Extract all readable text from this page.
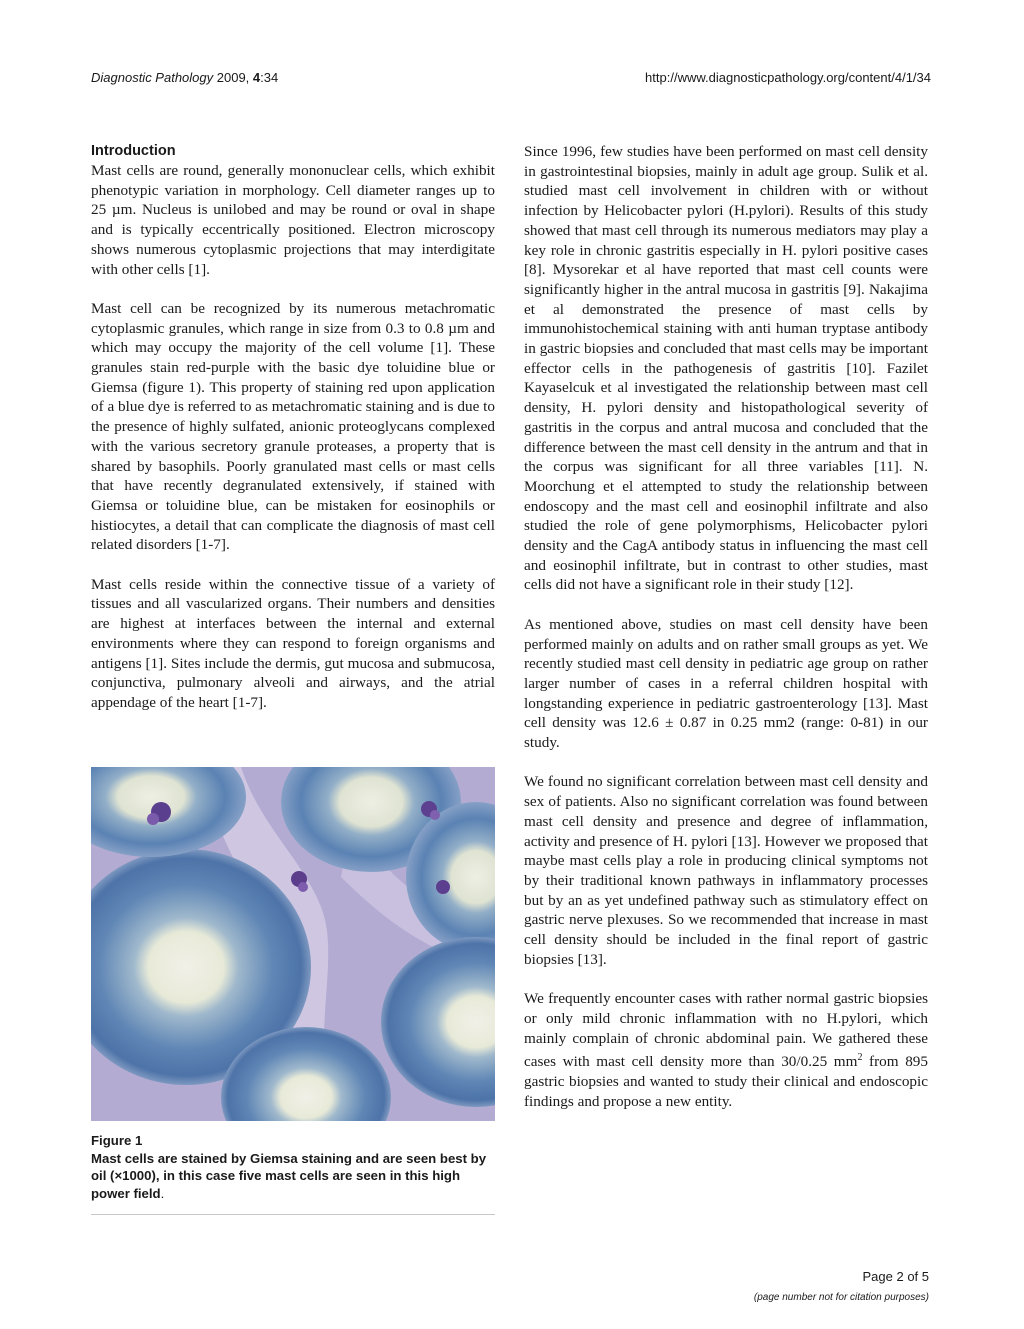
Diagnostic Pathology 2009, 4:34	http://www.diagnosticpathology.org/content/4/1/34
Introduction

Mast cells are round, generally mononuclear cells, which exhibit phenotypic variation in morphology. Cell diameter ranges up to 25 µm. Nucleus is unilobed and may be round or oval in shape and is typically eccentrically positioned. Electron microscopy shows numerous cytoplasmic projections that may interdigitate with other cells [1].

Mast cell can be recognized by its numerous metachromatic cytoplasmic granules, which range in size from 0.3 to 0.8 µm and which may occupy the majority of the cell volume [1]. These granules stain red-purple with the basic dye toluidine blue or Giemsa (figure 1). This property of staining red upon application of a blue dye is referred to as metachromatic staining and is due to the presence of highly sulfated, anionic proteoglycans complexed with the various secretory granule proteases, a property that is shared by basophils. Poorly granulated mast cells or mast cells that have recently degranulated extensively, if stained with Giemsa or toluidine blue, can be mistaken for eosinophils or histiocytes, a detail that can complicate the diagnosis of mast cell related disorders [1-7].

Mast cells reside within the connective tissue of a variety of tissues and all vascularized organs. Their numbers and densities are highest at interfaces between the internal and external environments where they can respond to foreign organisms and antigens [1]. Sites include the dermis, gut mucosa and submucosa, conjunctiva, pulmonary alveoli and airways, and the atrial appendage of the heart [1-7].

Figure 1

Mast cells are stained by Giemsa staining and are seen best by oil (×1000), in this case five mast cells are seen in this high power field.

Since 1996, few studies have been performed on mast cell density in gastrointestinal biopsies, mainly in adult age group. Sulik et al. studied mast cell involvement in children with or without infection by Helicobacter pylori (H.pylori). Results of this study showed that mast cell through its numerous mediators may play a key role in chronic gastritis especially in H. pylori positive cases [8]. Mysorekar et al have reported that mast cell counts were significantly higher in the antral mucosa in gastritis [9]. Nakajima et al demonstrated the presence of mast cells by immunohistochemical staining with anti human tryptase antibody in gastric biopsies and concluded that mast cells may be important effector cells in the pathogenesis of gastritis [10]. Fazilet Kayaselcuk et al investigated the relationship between mast cell density, H. pylori density and histopathological severity of gastritis in the corpus and antral mucosa and concluded that the difference between the mast cell density in the antrum and that in the corpus was significant for all three variables [11]. N. Moorchung et el attempted to study the relationship between endoscopy and the mast cell and eosinophil infiltrate and also studied the role of gene polymorphisms, Helicobacter pylori density and the CagA antibody status in influencing the mast cell and eosinophil infiltrate, but in contrast to other studies, mast cells did not have a significant role in their study [12].

As mentioned above, studies on mast cell density have been performed mainly on adults and on rather small groups as yet. We recently studied mast cell density in pediatric age group on rather larger number of cases in a referral children hospital with longstanding experience in pediatric gastroenterology [13]. Mast cell density was 12.6 ± 0.87 in 0.25 mm2 (range: 0-81) in our study.

We found no significant correlation between mast cell density and sex of patients. Also no significant correlation was found between mast cell density and presence and degree of inflammation, activity and presence of H. pylori [13]. However we proposed that maybe mast cells play a role in producing clinical symptoms not by their traditional known pathways in inflammatory processes but by an as yet undefined pathway such as stimulatory effect on gastric nerve plexuses. So we recommended that increase in mast cell density should be included in the final report of gastric biopsies [13].

We frequently encounter cases with rather normal gastric biopsies or only mild chronic inflammation with no H.pylori, which mainly complain of chronic abdominal pain. We gathered these cases with mast cell density more than 30/0.25 $mm^2$ from 895 gastric biopsies and wanted to study their clinical and endoscopic findings and propose a new entity.

Page 2 of 5
(page number not for citation purposes)
